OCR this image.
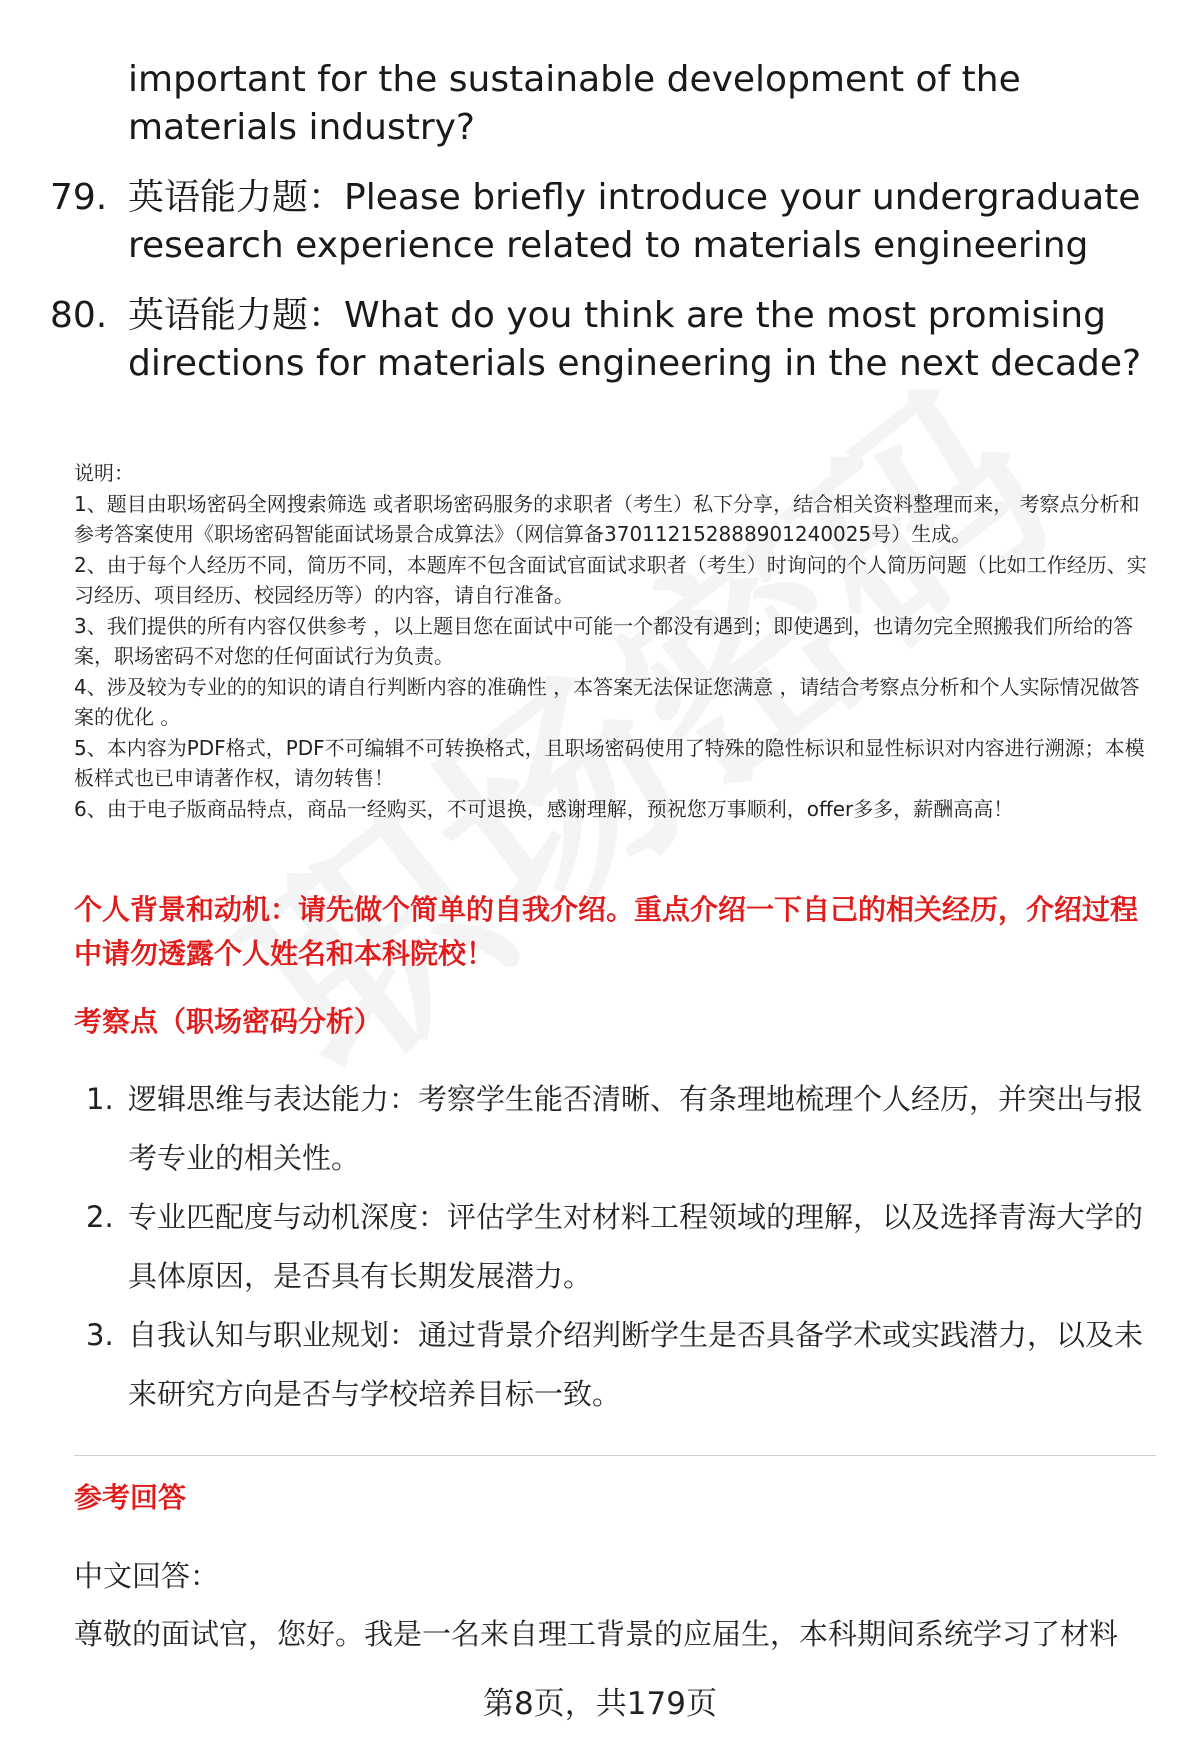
important for the sustainable development of the materials industry?
79. 英语能力题：Please briefly introduce your undergraduate research experience related to materials engineering
80. 英语能力题：What do you think are the most promising directions for materials engineering in the next decade?
说明：
1、题目由职场密码全网搜索筛选 或者职场密码服务的求职者（考生）私下分享，结合相关资料整理而来， 考察点分析和参考答案使用《职场密码智能面试场景合成算法》（网信算备370112152888901240025号）生成。
2、由于每个人经历不同，简历不同，本题库不包含面试官面试求职者（考生）时询问的个人简历问题（比如工作经历、实习经历、项目经历、校园经历等）的内容，请自行准备。
3、我们提供的所有内容仅供参考 ，以上题目您在面试中可能一个都没有遇到；即使遇到，也请勿完全照搬我们所给的答案，职场密码不对您的任何面试行为负责。
4、涉及较为专业的的知识的请自行判断内容的准确性 ，本答案无法保证您满意 ，请结合考察点分析和个人实际情况做答案的优化 。
5、本内容为PDF格式，PDF不可编辑不可转换格式，且职场密码使用了特殊的隐性标识和显性标识对内容进行溯源；本模板样式也已申请著作权，请勿转售！
6、由于电子版商品特点，商品一经购买，不可退换，感谢理解，预祝您万事顺利，offer多多，薪酬高高！
个人背景和动机：请先做个简单的自我介绍。重点介绍一下自己的相关经历，介绍过程中请勿透露个人姓名和本科院校！
考察点（职场密码分析）
1. 逻辑思维与表达能力：考察学生能否清晰、有条理地梳理个人经历，并突出与报考专业的相关性。
2. 专业匹配度与动机深度：评估学生对材料工程领域的理解，以及选择青海大学的具体原因，是否具有长期发展潜力。
3. 自我认知与职业规划：通过背景介绍判断学生是否具备学术或实践潜力，以及未来研究方向是否与学校培养目标一致。
参考回答
中文回答：
尊敬的面试官，您好。我是一名来自理工背景的应届生，本科期间系统学习了材料
第8页，共179页
